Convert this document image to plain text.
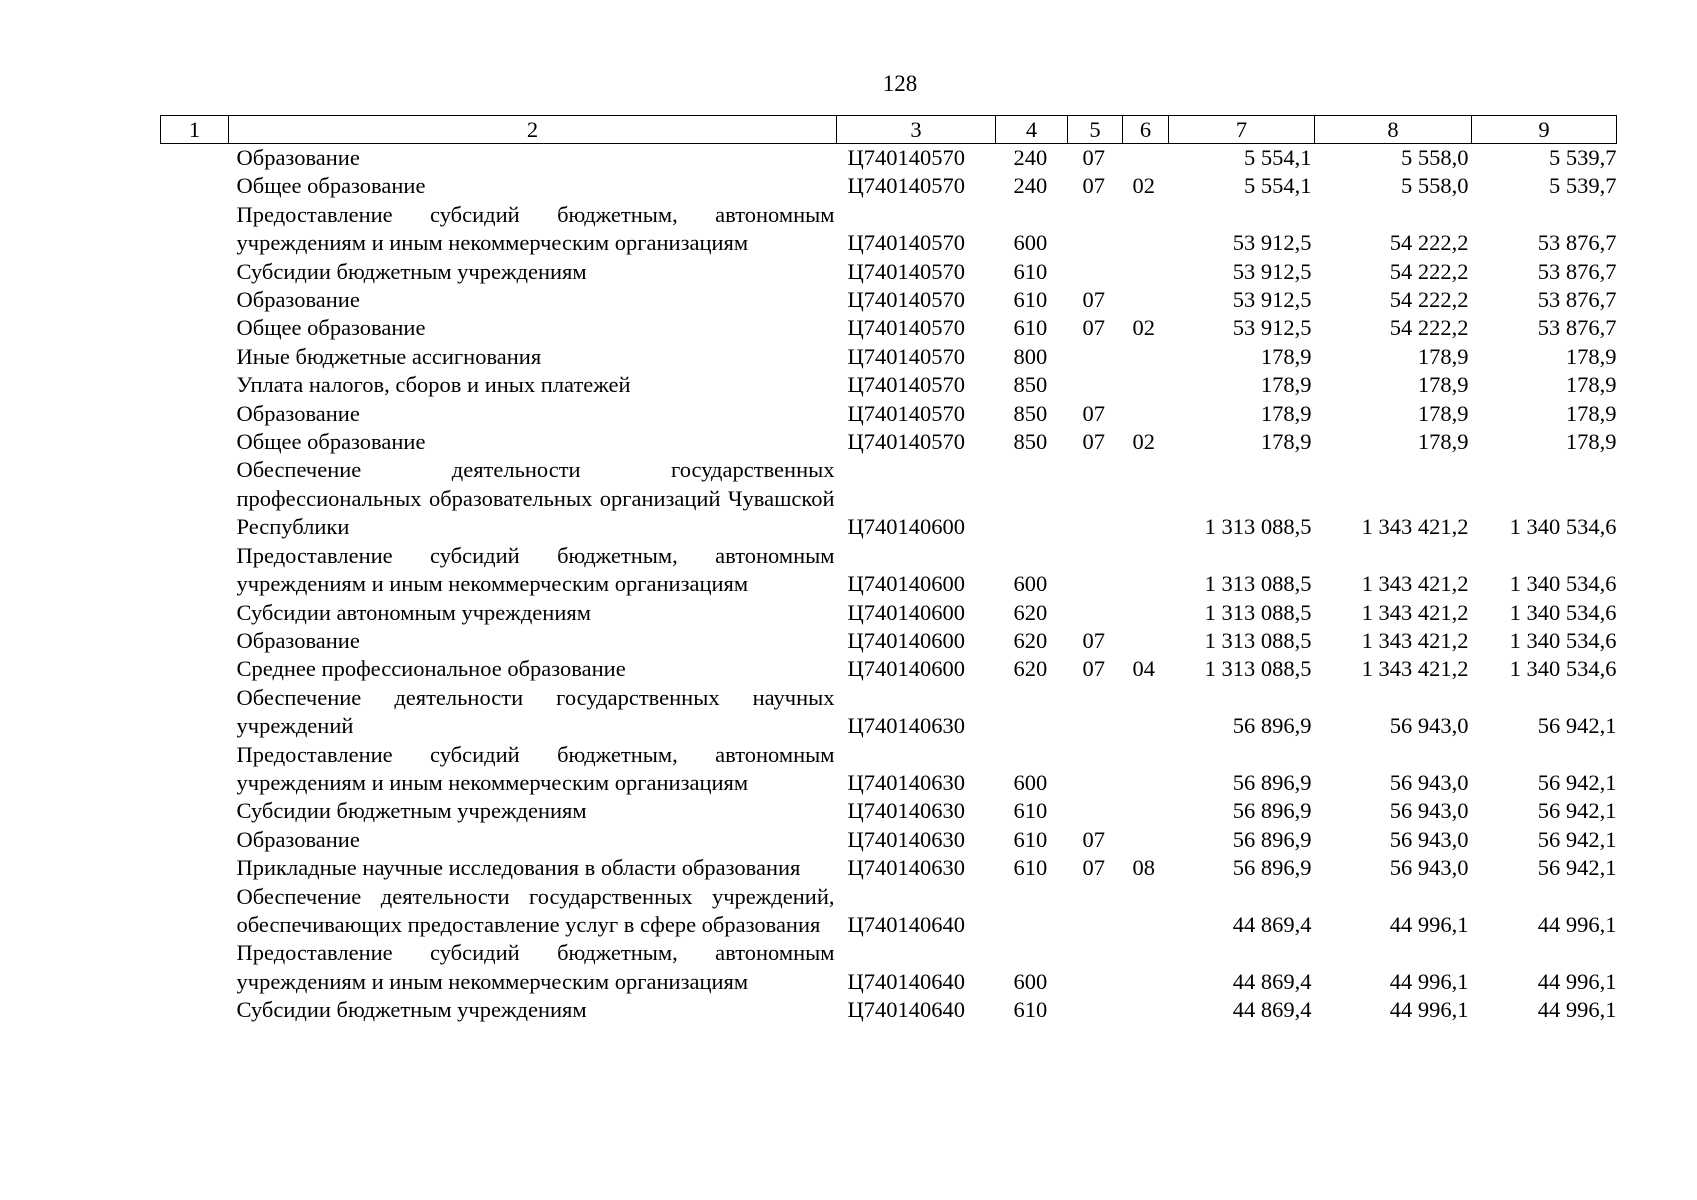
128
1	2	3	4	5	6	7	8	9
	Образование	Ц740140570	240	07		5 554,1	5 558,0	5 539,7
	Общее образование	Ц740140570	240	07	02	5 554,1	5 558,0	5 539,7
	Предоставление субсидий бюджетным, автономным учреждениям и иным некоммерческим организациям	Ц740140570	600			53 912,5	54 222,2	53 876,7
	Субсидии бюджетным учреждениям	Ц740140570	610			53 912,5	54 222,2	53 876,7
	Образование	Ц740140570	610	07		53 912,5	54 222,2	53 876,7
	Общее образование	Ц740140570	610	07	02	53 912,5	54 222,2	53 876,7
	Иные бюджетные ассигнования	Ц740140570	800			178,9	178,9	178,9
	Уплата налогов, сборов и иных платежей	Ц740140570	850			178,9	178,9	178,9
	Образование	Ц740140570	850	07		178,9	178,9	178,9
	Общее образование	Ц740140570	850	07	02	178,9	178,9	178,9
	Обеспечение деятельности государственных профессиональных образовательных организаций Чувашской Республики	Ц740140600				1 313 088,5	1 343 421,2	1 340 534,6
	Предоставление субсидий бюджетным, автономным учреждениям и иным некоммерческим организациям	Ц740140600	600			1 313 088,5	1 343 421,2	1 340 534,6
	Субсидии автономным учреждениям	Ц740140600	620			1 313 088,5	1 343 421,2	1 340 534,6
	Образование	Ц740140600	620	07		1 313 088,5	1 343 421,2	1 340 534,6
	Среднее профессиональное образование	Ц740140600	620	07	04	1 313 088,5	1 343 421,2	1 340 534,6
	Обеспечение деятельности государственных научных учреждений	Ц740140630				56 896,9	56 943,0	56 942,1
	Предоставление субсидий бюджетным, автономным учреждениям и иным некоммерческим организациям	Ц740140630	600			56 896,9	56 943,0	56 942,1
	Субсидии бюджетным учреждениям	Ц740140630	610			56 896,9	56 943,0	56 942,1
	Образование	Ц740140630	610	07		56 896,9	56 943,0	56 942,1
	Прикладные научные исследования в области образования	Ц740140630	610	07	08	56 896,9	56 943,0	56 942,1
	Обеспечение деятельности государственных учреждений, обеспечивающих предоставление услуг в сфере образования	Ц740140640				44 869,4	44 996,1	44 996,1
	Предоставление субсидий бюджетным, автономным учреждениям и иным некоммерческим организациям	Ц740140640	600			44 869,4	44 996,1	44 996,1
	Субсидии бюджетным учреждениям	Ц740140640	610			44 869,4	44 996,1	44 996,1
